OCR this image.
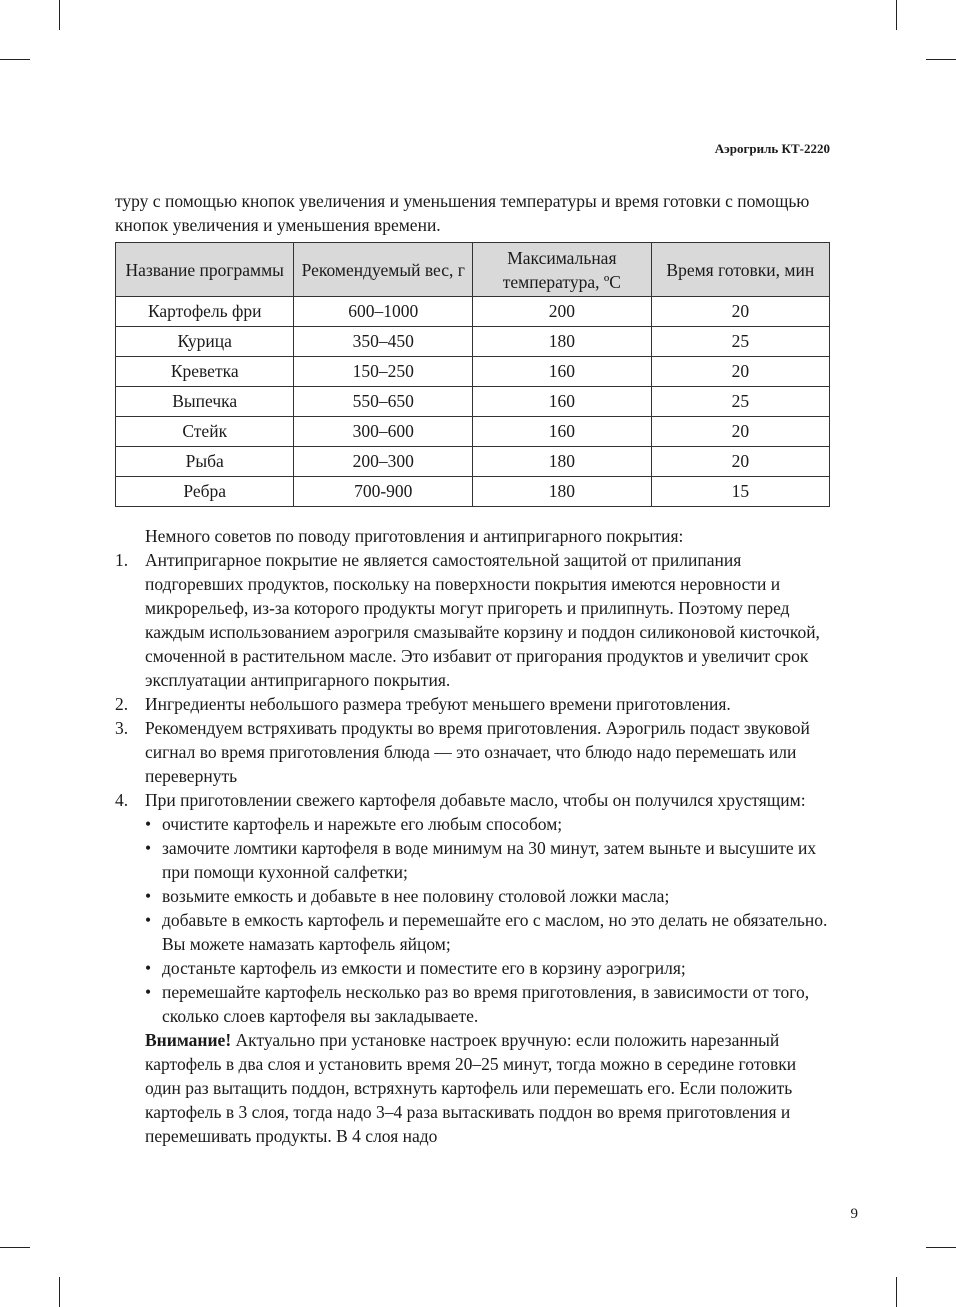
Аэрогриль КТ-2220
туру с помощью кнопок увеличения и уменьшения температуры и время готовки с помощью кнопок увеличения и уменьшения времени.
Название программы	Рекомендуемый вес, г	Максимальная температура, ºС	Время готовки, мин
Картофель фри	600–1000	200	20
Курица	350–450	180	25
Креветка	150–250	160	20
Выпечка	550–650	160	25
Стейк	300–600	160	20
Рыба	200–300	180	20
Ребра	700-900	180	15

Немного советов по поводу приготовления и антипригарного покрытия:

1. Антипригарное покрытие не является самостоятельной защитой от прилипания подгоревших продуктов, поскольку на поверхности покрытия имеются неровности и микрорельеф, из-за которого продукты могут пригореть и прилипнуть. Поэтому перед каждым использованием аэрогриля смазывайте корзину и поддон силиконовой кисточкой, смоченной в растительном масле. Это избавит от пригорания продуктов и увеличит срок эксплуатации антипригарного покрытия.
2. Ингредиенты небольшого размера требуют меньшего времени приготовления.
3. Рекомендуем встряхивать продукты во время приготовления. Аэрогриль подаст звуковой сигнал во время приготовления блюда — это означает, что блюдо надо перемешать или перевернуть
4. При приготовлении свежего картофеля добавьте масло, чтобы он получился хрустящим:
• очистите картофель и нарежьте его любым способом;
• замочите ломтики картофеля в воде минимум на 30 минут, затем выньте и высушите их при помощи кухонной салфетки;
• возьмите емкость и добавьте в нее половину столовой ложки масла;
• добавьте в емкость картофель и перемешайте его с маслом, но это делать не обязательно. Вы можете намазать картофель яйцом;
• достаньте картофель из емкости и поместите его в корзину аэрогриля;
• перемешайте картофель несколько раз во время приготовления, в зависимости от того, сколько слоев картофеля вы закладываете.

Внимание! Актуально при установке настроек вручную: если положить нарезанный картофель в два слоя и установить время 20–25 минут, тогда можно в середине готовки один раз вытащить поддон, встряхнуть картофель или перемешать его. Если положить картофель в 3 слоя, тогда надо 3–4 раза вытаскивать поддон во время приготовления и перемешивать продукты. В 4 слоя надо

9
